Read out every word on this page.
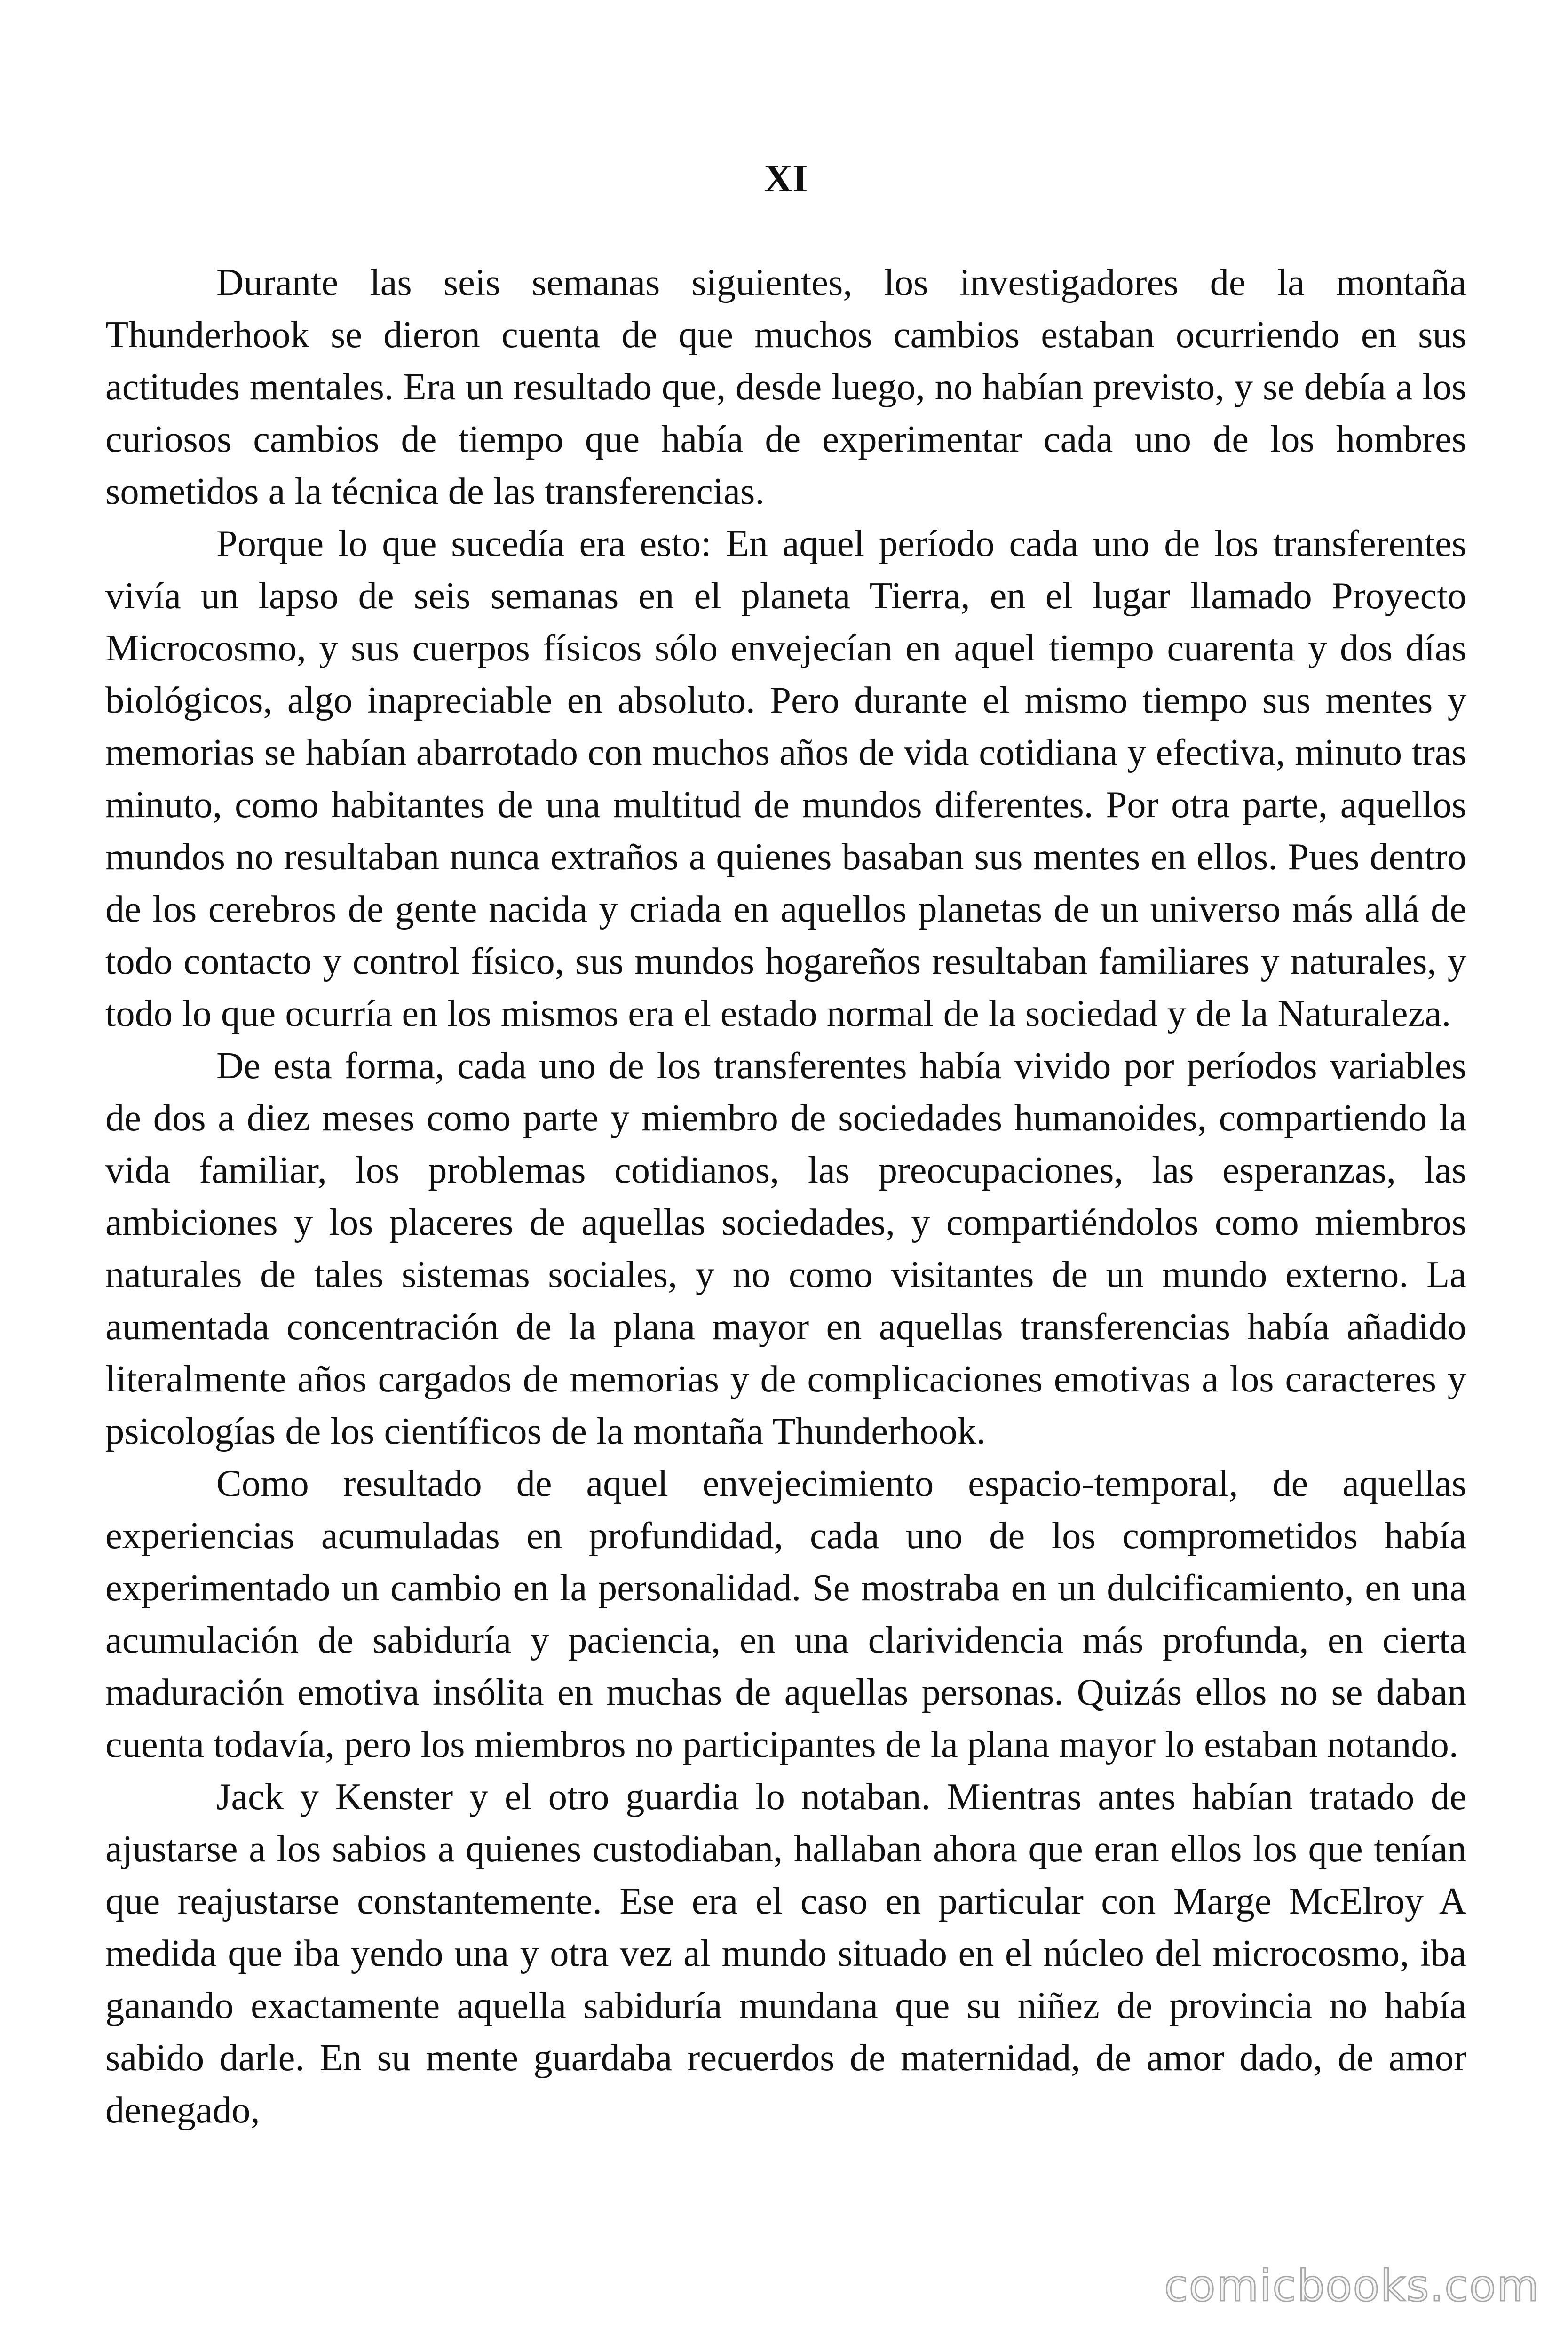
XI

Durante las seis semanas siguientes, los investigadores de la montaña Thunderhook se dieron cuenta de que muchos cambios estaban ocurriendo en sus actitudes mentales. Era un resultado que, desde luego, no habían previsto, y se debía a los curiosos cambios de tiempo que había de experimentar cada uno de los hombres sometidos a la técnica de las transferencias.

Porque lo que sucedía era esto: En aquel período cada uno de los transferentes vivía un lapso de seis semanas en el planeta Tierra, en el lugar llamado Proyecto Microcosmo, y sus cuerpos físicos sólo envejecían en aquel tiempo cuarenta y dos días biológicos, algo inapreciable en absoluto. Pero durante el mismo tiempo sus mentes y memorias se habían abarrotado con muchos años de vida cotidiana y efectiva, minuto tras minuto, como habitantes de una multitud de mundos diferentes. Por otra parte, aquellos mundos no resultaban nunca extraños a quienes basaban sus mentes en ellos. Pues dentro de los cerebros de gente nacida y criada en aquellos planetas de un universo más allá de todo contacto y control físico, sus mundos hogareños resultaban familiares y naturales, y todo lo que ocurría en los mismos era el estado normal de la sociedad y de la Naturaleza.

De esta forma, cada uno de los transferentes había vivido por períodos variables de dos a diez meses como parte y miembro de sociedades humanoides, compartiendo la vida familiar, los problemas cotidianos, las preocupaciones, las esperanzas, las ambiciones y los placeres de aquellas sociedades, y compartiéndolos como miembros naturales de tales sistemas sociales, y no como visitantes de un mundo externo. La aumentada concentración de la plana mayor en aquellas transferencias había añadido literalmente años cargados de memorias y de complicaciones emotivas a los caracteres y psicologías de los científicos de la montaña Thunderhook.

Como resultado de aquel envejecimiento espacio-temporal, de aquellas experiencias acumuladas en profundidad, cada uno de los comprometidos había experimentado un cambio en la personalidad. Se mostraba en un dulcificamiento, en una acumulación de sabiduría y paciencia, en una clarividencia más profunda, en cierta maduración emotiva insólita en muchas de aquellas personas. Quizás ellos no se daban cuenta todavía, pero los miembros no participantes de la plana mayor lo estaban notando.

Jack y Kenster y el otro guardia lo notaban. Mientras antes habían tratado de ajustarse a los sabios a quienes custodiaban, hallaban ahora que eran ellos los que tenían que reajustarse constantemente. Ese era el caso en particular con Marge McElroy A medida que iba yendo una y otra vez al mundo situado en el núcleo del microcosmo, iba ganando exactamente aquella sabiduría mundana que su niñez de provincia no había sabido darle. En su mente guardaba recuerdos de maternidad, de amor dado, de amor denegado,

comicbooks.com
